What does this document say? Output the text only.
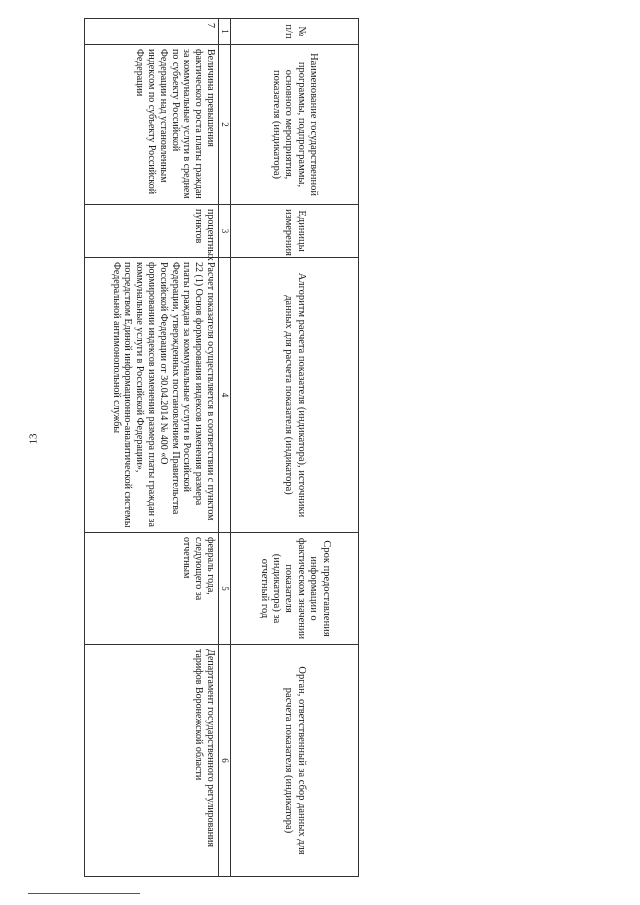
13
№ п/п	Наименование государственной программы, подпрограммы, основного мероприятия, показателя (индикатора)	Единицы измерения	Алгоритм расчета показателя (индикатора), источники данных для расчета показателя (индикатора)	Срок предоставления информации о фактическом значении показателя (индикатора) за отчетный год	Орган, ответственный за сбор данных для расчета показателя (индикатора)
1	2	3	4	5	6
7	Величина превышения фактического роста платы граждан за коммунальные услуги в среднем по субъекту Российской Федерации над установленным индексом по субъекту Российской Федерации	процентных пунктов	Расчет показателя осуществляется в соответствии с пунктом 22 (1) Основ формирования индексов изменения размера платы граждан за коммунальные услуги в Российской Федерации, утвержденных постановлением Правительства Российской Федерации от 30.04.2014 № 400 «О формировании индексов изменения размера платы граждан за коммунальные услуги в Российской Федерации», посредством Единой информационно-аналитической системы Федеральной антимонопольной службы	февраль года, следующего за отчетным	Департамент государственного регулирования тарифов Воронежской области
